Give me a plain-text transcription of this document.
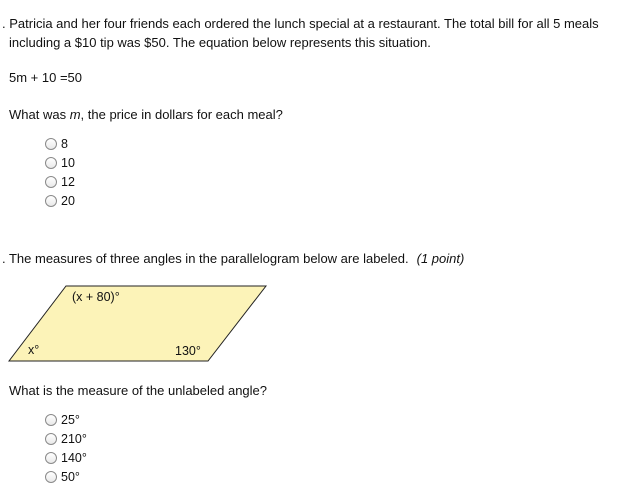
. Patricia and her four friends each ordered the lunch special at a restaurant. The total bill for all 5 meals
including a $10 tip was $50. The equation below represents this situation.
5m + 10 =50
What was m, the price in dollars for each meal?
8
10
12
20
. The measures of three angles in the parallelogram below are labeled. (1 point)
(x + 80)°
x°	130°
What is the measure of the unlabeled angle?
25°
210°
140°
50°
